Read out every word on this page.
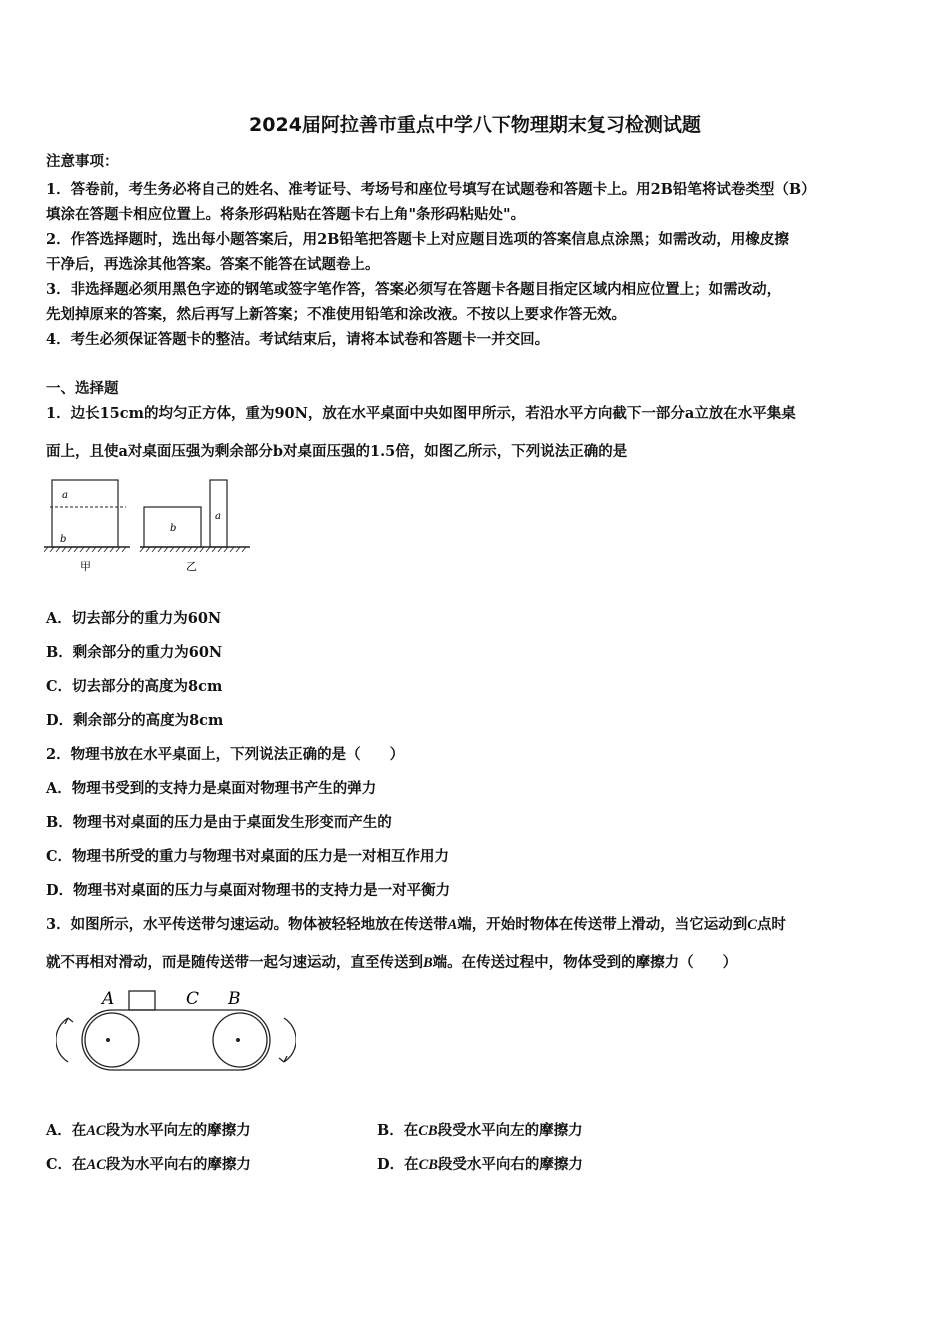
2024届阿拉善市重点中学八下物理期末复习检测试题
注意事项：
1．答卷前，考生务必将自己的姓名、准考证号、考场号和座位号填写在试题卷和答题卡上。用2B铅笔将试卷类型（B）
填涂在答题卡相应位置上。将条形码粘贴在答题卡右上角"条形码粘贴处"。
2．作答选择题时，选出每小题答案后，用2B铅笔把答题卡上对应题目选项的答案信息点涂黑；如需改动，用橡皮擦
干净后，再选涂其他答案。答案不能答在试题卷上。
3．非选择题必须用黑色字迹的钢笔或签字笔作答，答案必须写在答题卡各题目指定区域内相应位置上；如需改动，
先划掉原来的答案，然后再写上新答案；不准使用铅笔和涂改液。不按以上要求作答无效。
4．考生必须保证答题卡的整洁。考试结束后，请将本试卷和答题卡一并交回。
一、选择题
1．边长15cm的均匀正方体，重为90N，放在水平桌面中央如图甲所示，若沿水平方向截下一部分a立放在水平集桌
面上，且使a对桌面压强为剩余部分b对桌面压强的1.5倍，如图乙所示，下列说法正确的是
a
b
甲
b
a
乙
A．切去部分的重力为60N
B．剩余部分的重力为60N
C．切去部分的高度为8cm
D．剩余部分的高度为8cm
2．物理书放在水平桌面上，下列说法正确的是（　　）
A．物理书受到的支持力是桌面对物理书产生的弹力
B．物理书对桌面的压力是由于桌面发生形变而产生的
C．物理书所受的重力与物理书对桌面的压力是一对相互作用力
D．物理书对桌面的压力与桌面对物理书的支持力是一对平衡力
3．如图所示，水平传送带匀速运动。物体被轻轻地放在传送带A端，开始时物体在传送带上滑动，当它运动到C点时
就不再相对滑动，而是随传送带一起匀速运动，直至传送到B端。在传送过程中，物体受到的摩擦力（　　）
A	C B
A．在AC段为水平向左的摩擦力	B．在CB段受水平向左的摩擦力
C．在AC段为水平向右的摩擦力	D．在CB段受水平向右的摩擦力
